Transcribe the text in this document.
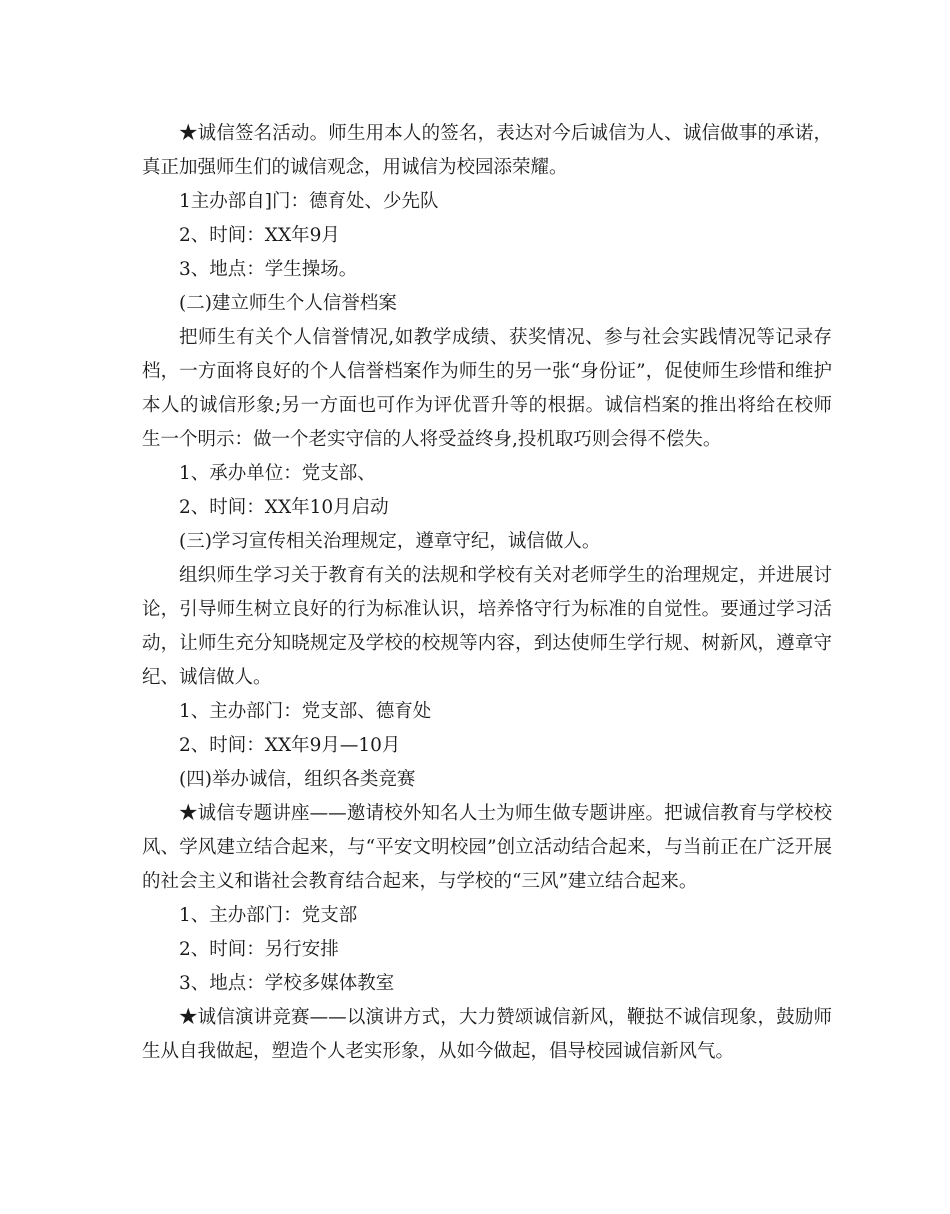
★诚信签名活动。师生用本人的签名，表达对今后诚信为人、诚信做事的承诺，真正加强师生们的诚信观念，用诚信为校园添荣耀。

1主办部自]门：德育处、少先队

2、时间：XX年9月

3、地点：学生操场。

(二)建立师生个人信誉档案

把师生有关个人信誉情况,如教学成绩、获奖情况、参与社会实践情况等记录存档，一方面将良好的个人信誉档案作为师生的另一张“身份证”，促使师生珍惜和维护本人的诚信形象;另一方面也可作为评优晋升等的根据。诚信档案的推出将给在校师生一个明示：做一个老实守信的人将受益终身,投机取巧则会得不偿失。

1、承办单位：党支部、

2、时间：XX年10月启动

(三)学习宣传相关治理规定，遵章守纪，诚信做人。

组织师生学习关于教育有关的法规和学校有关对老师学生的治理规定，并进展讨论，引导师生树立良好的行为标准认识，培养恪守行为标准的自觉性。要通过学习活动，让师生充分知晓规定及学校的校规等内容，到达使师生学行规、树新风，遵章守纪、诚信做人。

1、主办部门：党支部、德育处

2、时间：XX年9月—10月

(四)举办诚信，组织各类竞赛

★诚信专题讲座——邀请校外知名人士为师生做专题讲座。把诚信教育与学校校风、学风建立结合起来，与“平安文明校园”创立活动结合起来，与当前正在广泛开展的社会主义和谐社会教育结合起来，与学校的“三风”建立结合起来。

1、主办部门：党支部

2、时间：另行安排

3、地点：学校多媒体教室

★诚信演讲竞赛——以演讲方式，大力赞颂诚信新风，鞭挞不诚信现象，鼓励师生从自我做起，塑造个人老实形象，从如今做起，倡导校园诚信新风气。
